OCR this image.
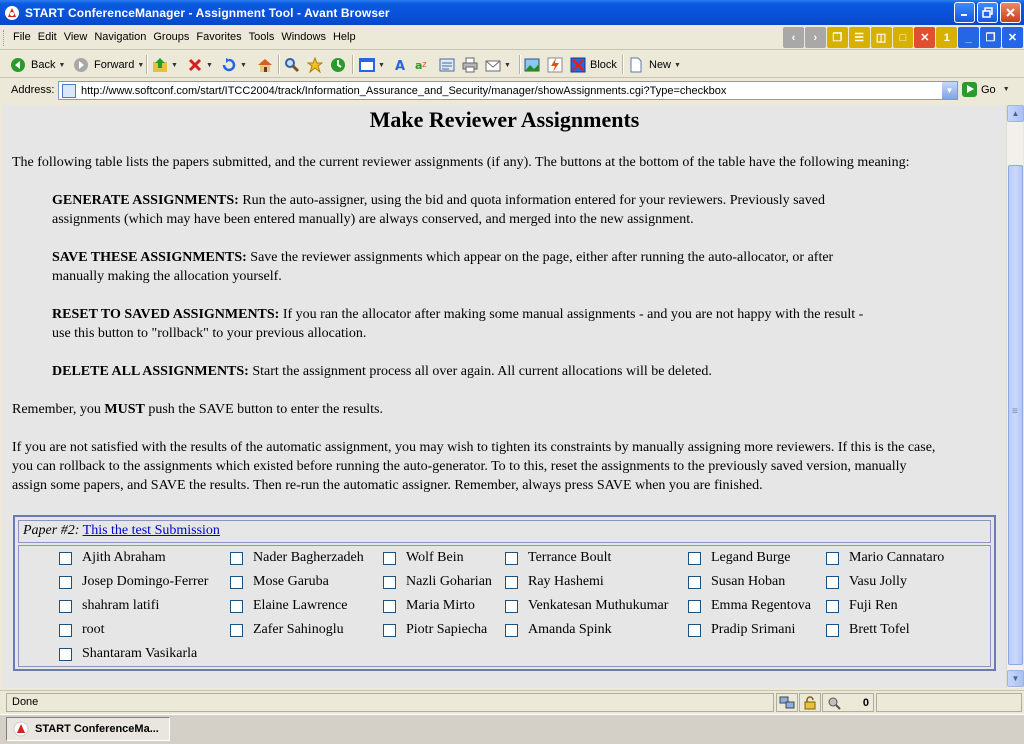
START ConferenceManager - Assignment Tool - Avant Browser
File Edit View Navigation Groups Favorites Tools Windows Help	‹ › ❐ ☰ ◫ □ ✕ 1 _ ❐ ✕
Back ▼	Forward ▼	▼	▼	▼	▼ A a z	▼	Block	New ▼
Address: http://www.softconf.com/start/ITCC2004/track/Information_Assurance_and_Security/manager/showAssignments.cgi?Type=checkbox	▼	Go ▼
Make Reviewer Assignments
The following table lists the papers submitted, and the current reviewer assignments (if any). The buttons at the bottom of the table have the following meaning:
GENERATE ASSIGNMENTS: Run the auto-assigner, using the bid and quota information entered for your reviewers. Previously saved
assignments (which may have been entered manually) are always conserved, and merged into the new assignment.
SAVE THESE ASSIGNMENTS: Save the reviewer assignments which appear on the page, either after running the auto-allocator, or after
manually making the allocation yourself.
RESET TO SAVED ASSIGNMENTS: If you ran the allocator after making some manual assignments - and you are not happy with the result -
use this button to "rollback" to your previous allocation.
DELETE ALL ASSIGNMENTS: Start the assignment process all over again. All current allocations will be deleted.
Remember, you MUST push the SAVE button to enter the results.
If you are not satisfied with the results of the automatic assignment, you may wish to tighten its constraints by manually assigning more reviewers. If this is the case,
you can rollback to the assignments which existed before running the auto-generator. To to this, reset the assignments to the previously saved version, manually
assign some papers, and SAVE the results. Then re-run the automatic assigner. Remember, always press SAVE when you are finished.
Paper #2: This the test Submission
Ajith Abraham	Nader Bagherzadeh	Wolf Bein	Terrance Boult	Legand Burge	Mario Cannataro
Josep Domingo-Ferrer	Mose Garuba	Nazli Goharian	Ray Hashemi	Susan Hoban	Vasu Jolly
shahram latifi	Elaine Lawrence	Maria Mirto	Venkatesan Muthukumar	Emma Regentova	Fuji Ren
root	Zafer Sahinoglu	Piotr Sapiecha	Amanda Spink	Pradip Srimani	Brett Tofel
Shantaram Vasikarla
▲
≡
▼
Done	0
START ConferenceMa...
